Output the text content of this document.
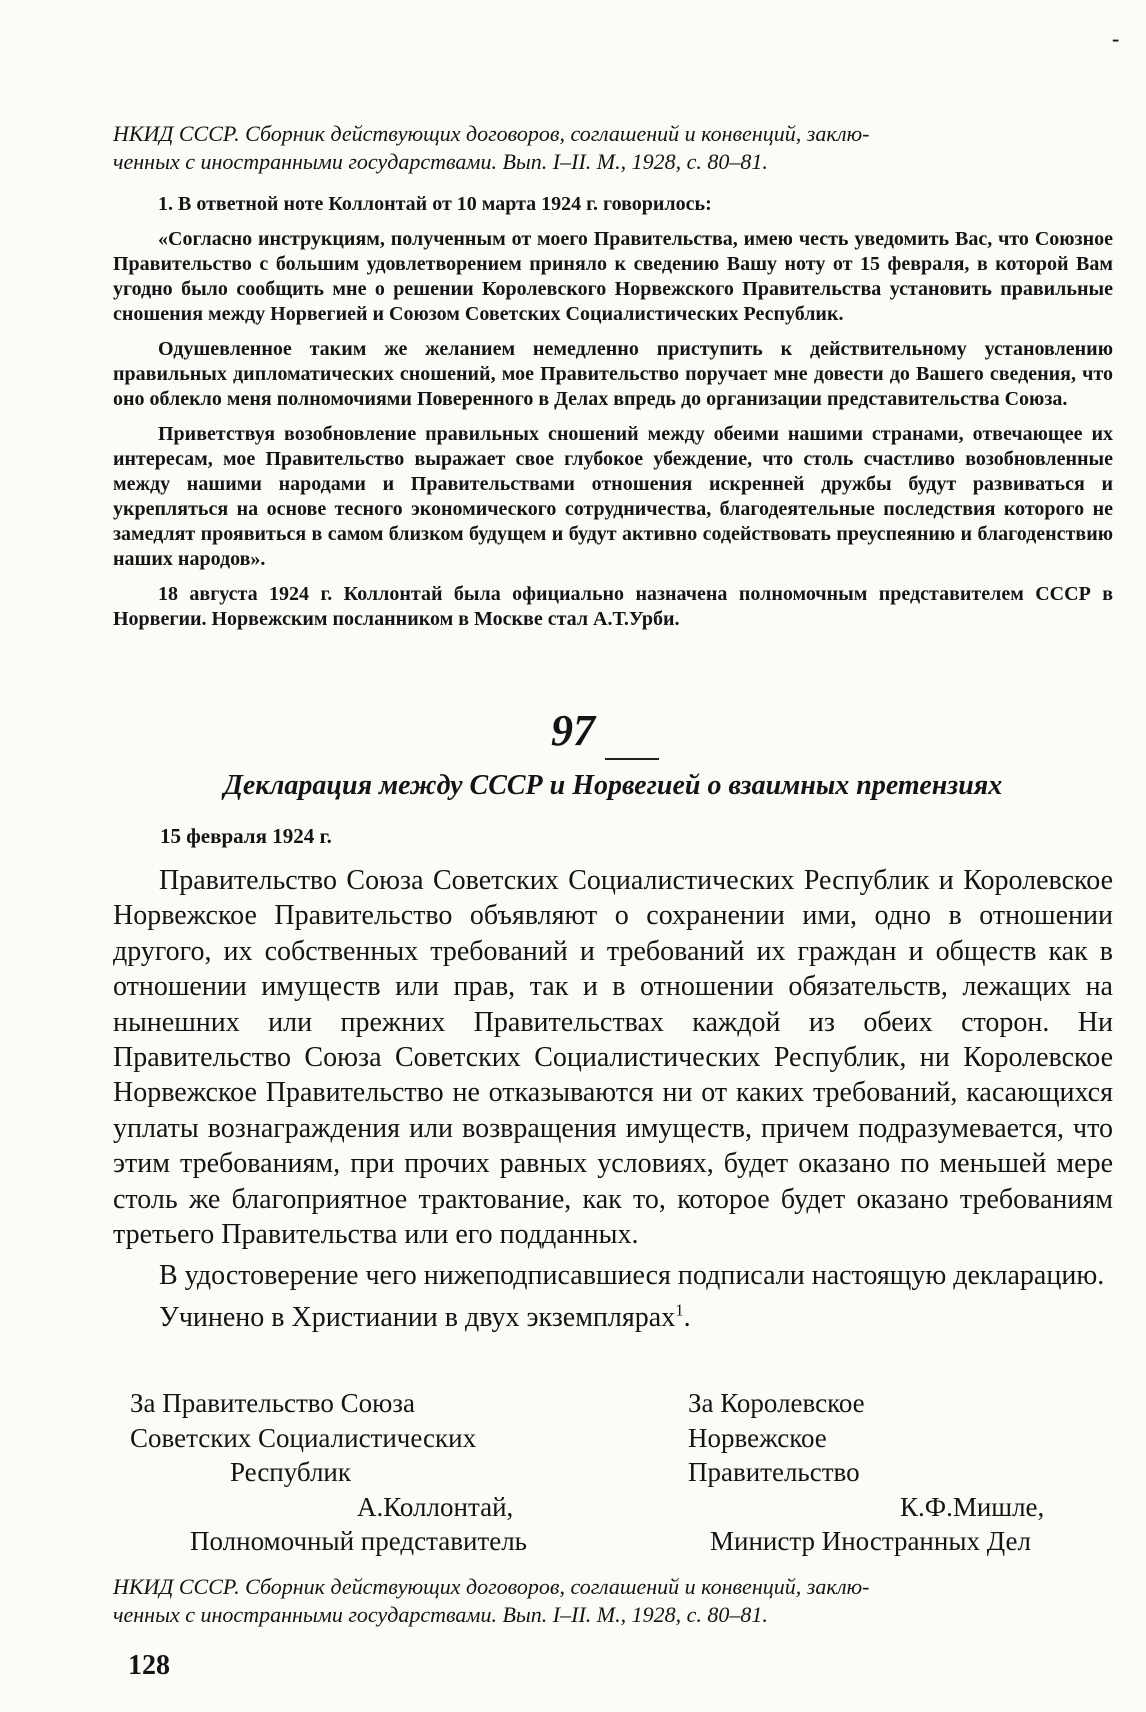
-
НКИД СССР. Сборник действующих договоров, соглашений и конвенций, заклю-
ченных с иностранными государствами. Вып. I–II. М., 1928, с. 80–81.

1. В ответной ноте Коллонтай от 10 марта 1924 г. говорилось:

«Согласно инструкциям, полученным от моего Правительства, имею честь уведомить Вас, что Союзное Правительство с большим удовлетворением приняло к сведению Вашу ноту от 15 февраля, в которой Вам угодно было сообщить мне о решении Королевского Норвежского Правительства установить правильные сношения между Норвегией и Союзом Советских Социалистических Республик.

Одушевленное таким же желанием немедленно приступить к действительному установлению правильных дипломатических сношений, мое Правительство поручает мне довести до Вашего сведения, что оно облекло меня полномочиями Поверенного в Делах впредь до организации представительства Союза.

Приветствуя возобновление правильных сношений между обеими нашими странами, отвечающее их интересам, мое Правительство выражает свое глубокое убеждение, что столь счастливо возобновленные между нашими народами и Правительствами отношения искренней дружбы будут развиваться и укрепляться на основе тесного экономического сотрудничества, благодеятельные последствия которого не замедлят проявиться в самом близком будущем и будут активно содействовать преуспеянию и благоденствию наших народов».

18 августа 1924 г. Коллонтай была официально назначена полномочным представителем СССР в Норвегии. Норвежским посланником в Москве стал А.Т.Урби.

97
Декларация между СССР и Норвегией о взаимных претензиях
15 февраля 1924 г.

Правительство Союза Советских Социалистических Республик и Королевское Норвежское Правительство объявляют о сохранении ими, одно в отношении другого, их собственных требований и требований их граждан и обществ как в отношении имуществ или прав, так и в отношении обязательств, лежащих на нынешних или прежних Правительствах каждой из обеих сторон. Ни Правительство Союза Советских Социалистических Республик, ни Королевское Норвежское Правительство не отказываются ни от каких требований, касающихся уплаты вознаграждения или возвращения имуществ, причем подразумевается, что этим требованиям, при прочих равных условиях, будет оказано по меньшей мере столь же благоприятное трактование, как то, которое будет оказано требованиям третьего Правительства или его подданных.

В удостоверение чего нижеподписавшиеся подписали настоящую декларацию.

Учинено в Христиании в двух экземплярах$^1$.

За Правительство Союза
Советских Социалистических
Республик
А.Коллонтай,
Полномочный представитель
За Королевское
Норвежское
Правительство
К.Ф.Мишле,
Министр Иностранных Дел
НКИД СССР. Сборник действующих договоров, соглашений и конвенций, заклю-
ченных с иностранными государствами. Вып. I–II. М., 1928, с. 80–81.
128
